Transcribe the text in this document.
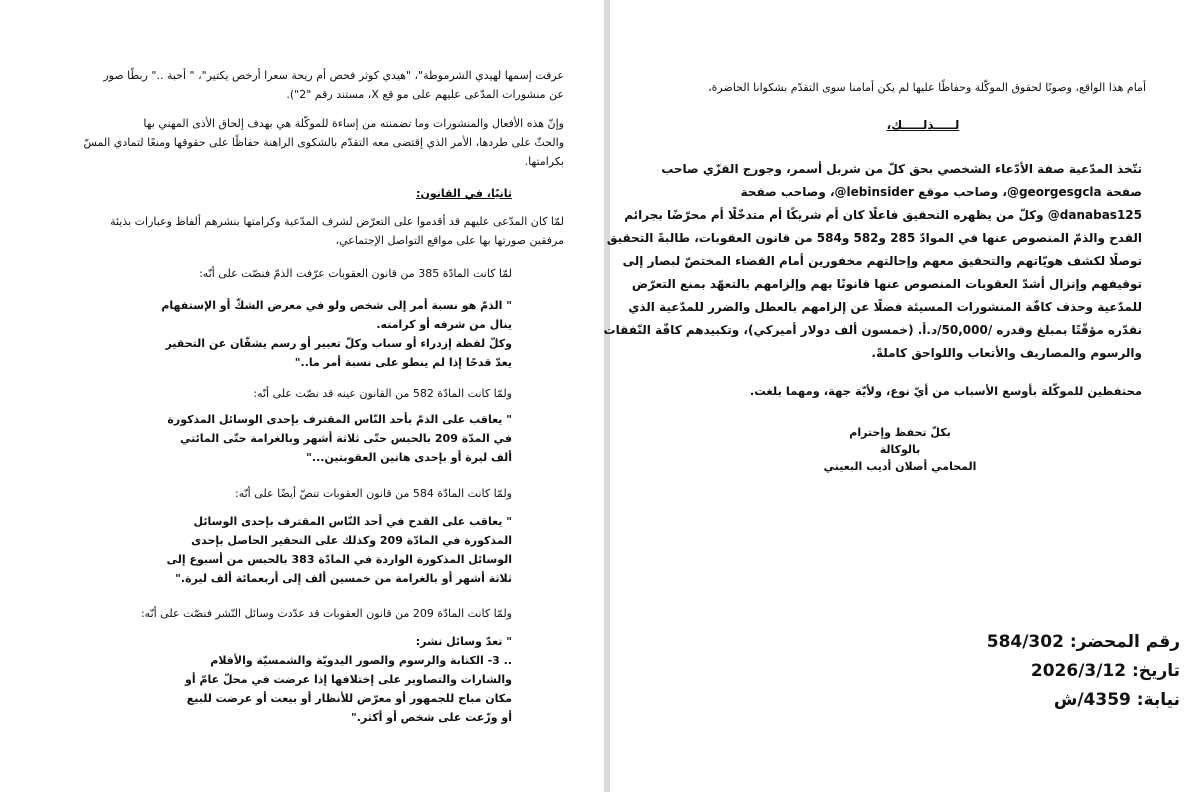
عرفت إسمها لهيدي الشرموطة"، "هيدي كوثر فحص أم ريحة سعرا أرخص يكتير"، " أحبة .." ربطًا صور
عن منشورات المدّعى عليهم على مو قع X، مستند رقم "2").

وإنّ هذه الأفعال والمنشورات وما تضمنته من إساءة للموكّلة هي بهدف إلحاق الأذى المهني بها
والحثّ على طردها، الأمر الذي إقتضى معه التقدّم بالشكوى الراهنة حفاظًا على حقوقها ومنعًا لتمادي المسّ
بكرامتها.

ثانيًا، في القانون:

لمّا كان المدّعى عليهم قد أقدموا على التعرّض لشرف المدّعية وكرامتها بنشرهم ألفاظ وعبارات بذيئة
مرفقين صورتها بها على مواقع التواصل الإجتماعي،

لمّا كانت المادّة 385 من قانون العقوبات عرّفت الذمّ فنصّت على أنّه:

" الذمّ هو نسبة أمر إلى شخص ولو في معرض الشكّ أو الإستفهام
ينال من شرفه أو كرامته.
وكلّ لفظة إزدراء أو سباب وكلّ تعبير أو رسم يشفّان عن التحقير
يعدّ قدحًا إذا لم ينطو على نسبة أمر ما.."

ولمّا كانت المادّة 582 من القانون عينه قد نصّت على أنّه:

" يعاقب على الذمّ بأحد النّاس المقترف بإحدى الوسائل المذكورة
في المدّة 209 بالحبس حتّى ثلاثة أشهر وبالغرامة حتّى المائتي
ألف ليرة أو بإحدى هاتين العقوبتين..."

ولمّا كانت المادّة 584 من قانون العقوبات تنصّ أيضًا على أنّه:

" يعاقب على القدح في أحد النّاس المقترف بإحدى الوسائل
المذكورة في المادّة 209 وكذلك على التحقير الحاصل بإحدى
الوسائل المذكورة الواردة في المادّة 383 بالحبس من أسبوع إلى
ثلاثة أشهر أو بالغرامة من خمسين ألف إلى أربعمائة ألف ليرة."

ولمّا كانت المادّة 209 من قانون العقوبات قد عدّدت وسائل النّشر فنصّت على أنّه:

" تعدّ وسائل نشر:
.. 3- الكتابة والرسوم والصور اليدويّة والشمسيّة والأفلام
والشارات والتصاوير على إختلافها إذا عرضت في محلّ عامّ أو
مكان مباح للجمهور أو معرّض للأنظار أو بيعت أو عرضت للبيع
أو وزّعت على شخص أو أكثر."

أمام هذا الواقع، وصونًا لحقوق الموكّلة وحفاظًا عليها لم يكن أمامنا سوى التقدّم بشكوانا الحاضرة،

لـــــذلـــــك،

تتّخذ المدّعية صفة الأدّعاء الشخصي بحق كلّ من شربل أسمر، وجورج القزّي صاحب
صفحة georgesgcla@، وصاحب موقع lebinsider@، وصاحب صفحة
danabas125@ وكلّ من يظهره التحقيق فاعلًا كان أم شريكًا أم متدخّلًا أم محرّضًا بجرائم
القدح والذمّ المنصوص عنها في الموادّ 285 و582 و584 من قانون العقوبات، طالبةً التحقيق
توصلًا لكشف هويّاتهم والتحقيق معهم وإحالتهم مخفورين أمام القضاء المختصّ لبصار إلى
توقيفهم وإنزال أشدّ العقوبات المنصوص عنها قانونًا بهم وإلزامهم بالتعهّد بمنع التعرّض
للمدّعية وحذف كافّة المنشورات المسيئة فضلًا عن إلزامهم بالعطل والضرر للمدّعية الذي
نقدّره مؤقّتًا بمبلغ وقدره /50,000/د.أ. (خمسون ألف دولار أميركي)، وتكبيدهم كافّة النّفقات
والرسوم والمصاريف والأتعاب واللواحق كاملةً.

محتفظين للموكّلة بأوسع الأسباب من أيّ نوع، ولأيّة جهة، ومهما بلغت.

بكلّ تحفظ وإحترام
بالوكالة
المحامي أصلان أديب البعيني

رقم المحضر: 584/302
تاريخ: 2026/3/12
نيابة: 4359/ش
